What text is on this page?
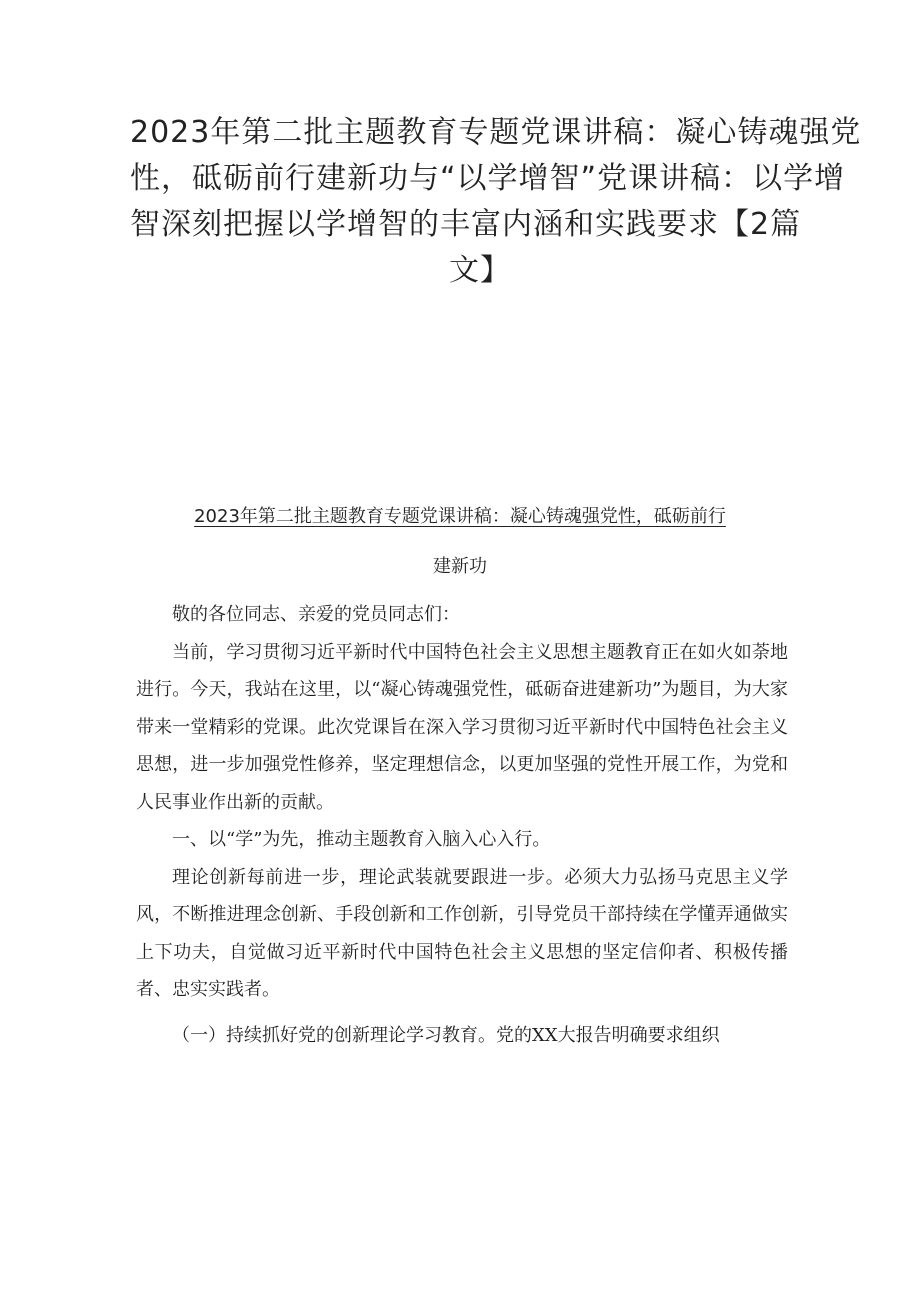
2023年第二批主题教育专题党课讲稿：凝心铸魂强党
性，砥砺前行建新功与“以学增智”党课讲稿：以学增
智深刻把握以学增智的丰富内涵和实践要求【2篇
文】
2023年第二批主题教育专题党课讲稿：凝心铸魂强党性，砥砺前行
建新功

敬的各位同志、亲爱的党员同志们：

当前，学习贯彻习近平新时代中国特色社会主义思想主题教育正在如火如荼地进行。今天，我站在这里，以“凝心铸魂强党性，砥砺奋进建新功”为题目，为大家带来一堂精彩的党课。此次党课旨在深入学习贯彻习近平新时代中国特色社会主义思想，进一步加强党性修养，坚定理想信念，以更加坚强的党性开展工作，为党和人民事业作出新的贡献。

一、以“学”为先，推动主题教育入脑入心入行。

理论创新每前进一步，理论武装就要跟进一步。必须大力弘扬马克思主义学风，不断推进理念创新、手段创新和工作创新，引导党员干部持续在学懂弄通做实上下功夫，自觉做习近平新时代中国特色社会主义思想的坚定信仰者、积极传播者、忠实实践者。

（一）持续抓好党的创新理论学习教育。党的XX大报告明确要求组织
